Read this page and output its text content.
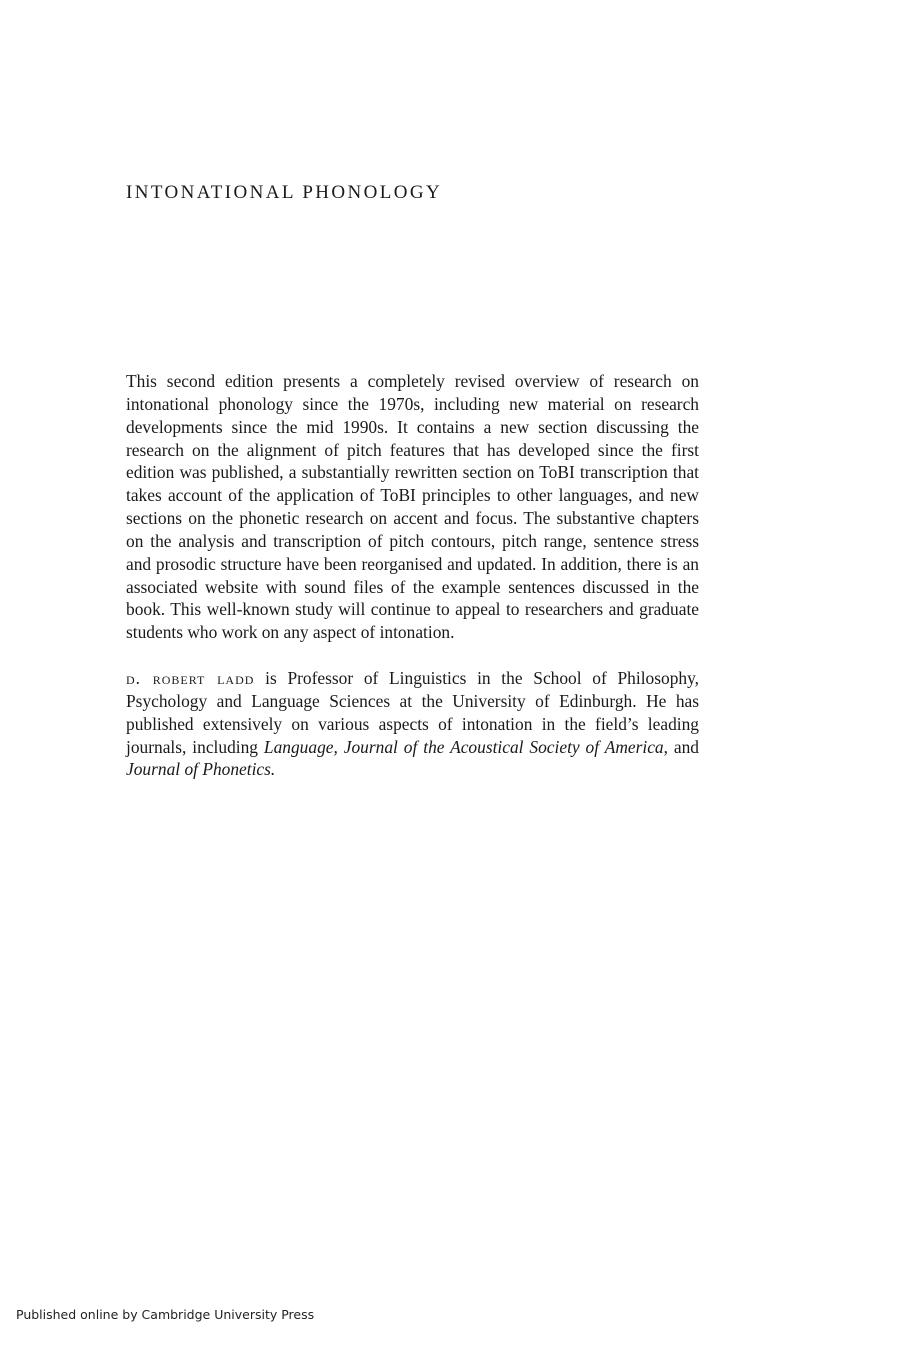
INTONATIONAL PHONOLOGY

This second edition presents a completely revised overview of research on intonational phonology since the 1970s, including new material on research developments since the mid 1990s. It contains a new section discussing the research on the alignment of pitch features that has developed since the first edition was published, a substantially rewritten section on ToBI transcription that takes account of the application of ToBI principles to other languages, and new sections on the phonetic research on accent and focus. The substantive chapters on the analysis and transcription of pitch contours, pitch range, sentence stress and prosodic structure have been reorganised and updated. In addition, there is an associated website with sound files of the example sentences discussed in the book. This well-known study will continue to appeal to researchers and graduate students who work on any aspect of intonation.

d. robert ladd is Professor of Linguistics in the School of Philosophy, Psychology and Language Sciences at the University of Edinburgh. He has published extensively on various aspects of intonation in the field’s leading journals, including Language, Journal of the Acoustical Society of America, and Journal of Phonetics.

Published online by Cambridge University Press
